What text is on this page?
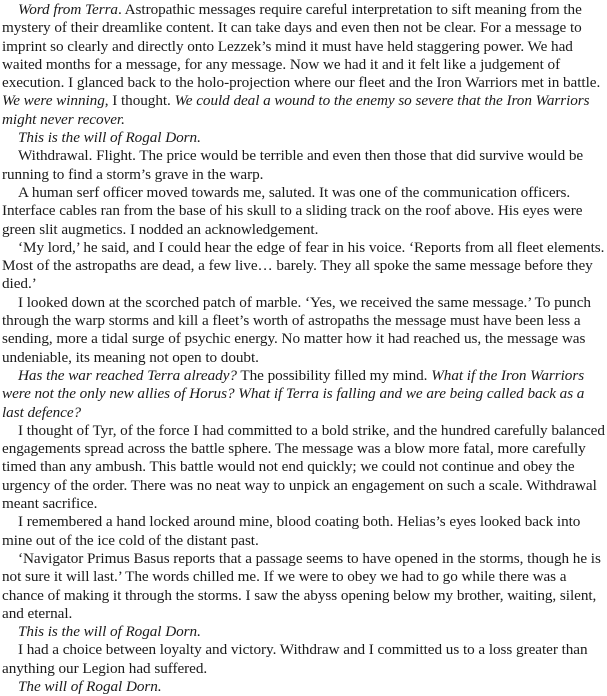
Word from Terra. Astropathic messages require careful interpretation to sift meaning from the mystery of their dreamlike content. It can take days and even then not be clear. For a message to imprint so clearly and directly onto Lezzek’s mind it must have held staggering power. We had waited months for a message, for any message. Now we had it and it felt like a judgement of execution. I glanced back to the holo-projection where our fleet and the Iron Warriors met in battle. We were winning, I thought. We could deal a wound to the enemy so severe that the Iron Warriors might never recover.

This is the will of Rogal Dorn.

Withdrawal. Flight. The price would be terrible and even then those that did survive would be running to find a storm’s grave in the warp.

A human serf officer moved towards me, saluted. It was one of the communication officers. Interface cables ran from the base of his skull to a sliding track on the roof above. His eyes were green slit augmetics. I nodded an acknowledgement.

‘My lord,’ he said, and I could hear the edge of fear in his voice. ‘Reports from all fleet elements. Most of the astropaths are dead, a few live… barely. They all spoke the same message before they died.’

I looked down at the scorched patch of marble. ‘Yes, we received the same message.’ To punch through the warp storms and kill a fleet’s worth of astropaths the message must have been less a sending, more a tidal surge of psychic energy. No matter how it had reached us, the message was undeniable, its meaning not open to doubt.

Has the war reached Terra already? The possibility filled my mind. What if the Iron Warriors were not the only new allies of Horus? What if Terra is falling and we are being called back as a last defence?

I thought of Tyr, of the force I had committed to a bold strike, and the hundred carefully balanced engagements spread across the battle sphere. The message was a blow more fatal, more carefully timed than any ambush. This battle would not end quickly; we could not continue and obey the urgency of the order. There was no neat way to unpick an engagement on such a scale. Withdrawal meant sacrifice.

I remembered a hand locked around mine, blood coating both. Helias’s eyes looked back into mine out of the ice cold of the distant past.

‘Navigator Primus Basus reports that a passage seems to have opened in the storms, though he is not sure it will last.’ The words chilled me. If we were to obey we had to go while there was a chance of making it through the storms. I saw the abyss opening below my brother, waiting, silent, and eternal.

This is the will of Rogal Dorn.

I had a choice between loyalty and victory. Withdraw and I committed us to a loss greater than anything our Legion had suffered.

The will of Rogal Dorn.
